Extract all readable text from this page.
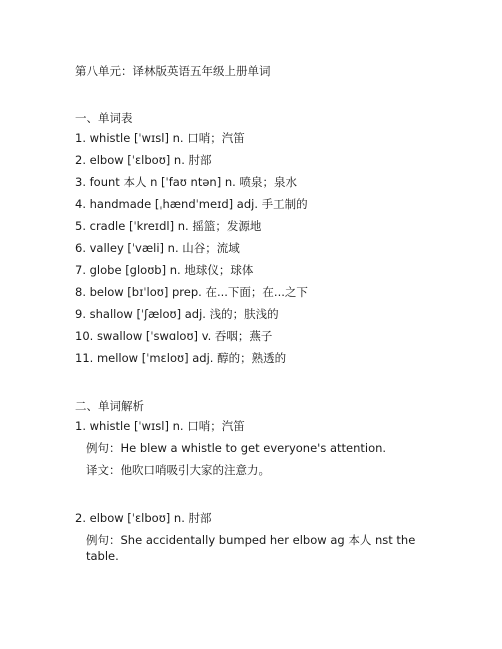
第八单元：译林版英语五年级上册单词
一、单词表
1. whistle [ˈwɪsl] n. 口哨；汽笛
2. elbow [ˈɛlboʊ] n. 肘部
3. fount 本人 n [ˈfaʊ ntən] n. 喷泉；泉水
4. handmade [ˌhændˈmeɪd] adj. 手工制的
5. cradle [ˈkreɪdl] n. 摇篮；发源地
6. valley [ˈvæli] n. 山谷；流域
7. globe [gloʊb] n. 地球仪；球体
8. below [bɪˈloʊ] prep. 在...下面；在...之下
9. shallow [ˈʃæloʊ] adj. 浅的；肤浅的
10. swallow [ˈswɑloʊ] v. 吞咽；燕子
11. mellow [ˈmɛloʊ] adj. 醇的；熟透的
二、单词解析
1. whistle [ˈwɪsl] n. 口哨；汽笛
例句：He blew a whistle to get everyone's attention.
译文：他吹口哨吸引大家的注意力。
2. elbow [ˈɛlboʊ] n. 肘部
例句：She accidentally bumped her elbow ag 本人 nst the table.
